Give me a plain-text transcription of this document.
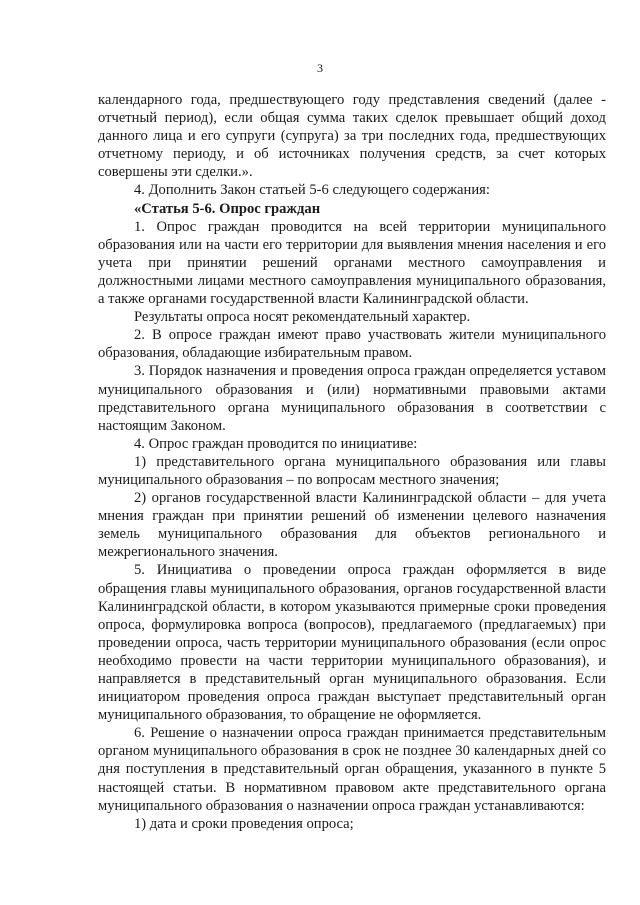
3

календарного года, предшествующего году представления сведений (далее - отчетный период), если общая сумма таких сделок превышает общий доход данного лица и его супруги (супруга) за три последних года, предшествующих отчетному периоду, и об источниках получения средств, за счет которых совершены эти сделки.».

4. Дополнить Закон статьей 5-6 следующего содержания:

«Статья 5-6. Опрос граждан

1. Опрос граждан проводится на всей территории муниципального образования или на части его территории для выявления мнения населения и его учета при принятии решений органами местного самоуправления и должностными лицами местного самоуправления муниципального образования, а также органами государственной власти Калининградской области.

Результаты опроса носят рекомендательный характер.

2. В опросе граждан имеют право участвовать жители муниципального образования, обладающие избирательным правом.

3. Порядок назначения и проведения опроса граждан определяется уставом муниципального образования и (или) нормативными правовыми актами представительного органа муниципального образования в соответствии с настоящим Законом.

4. Опрос граждан проводится по инициативе:

1) представительного органа муниципального образования или главы муниципального образования – по вопросам местного значения;

2) органов государственной власти Калининградской области – для учета мнения граждан при принятии решений об изменении целевого назначения земель муниципального образования для объектов регионального и межрегионального значения.

5. Инициатива о проведении опроса граждан оформляется в виде обращения главы муниципального образования, органов государственной власти Калининградской области, в котором указываются примерные сроки проведения опроса, формулировка вопроса (вопросов), предлагаемого (предлагаемых) при проведении опроса, часть территории муниципального образования (если опрос необходимо провести на части территории муниципального образования), и направляется в представительный орган муниципального образования. Если инициатором проведения опроса граждан выступает представительный орган муниципального образования, то обращение не оформляется.

6. Решение о назначении опроса граждан принимается представительным органом муниципального образования в срок не позднее 30 календарных дней со дня поступления в представительный орган обращения, указанного в пункте 5 настоящей статьи. В нормативном правовом акте представительного органа муниципального образования о назначении опроса граждан устанавливаются:

1) дата и сроки проведения опроса;
